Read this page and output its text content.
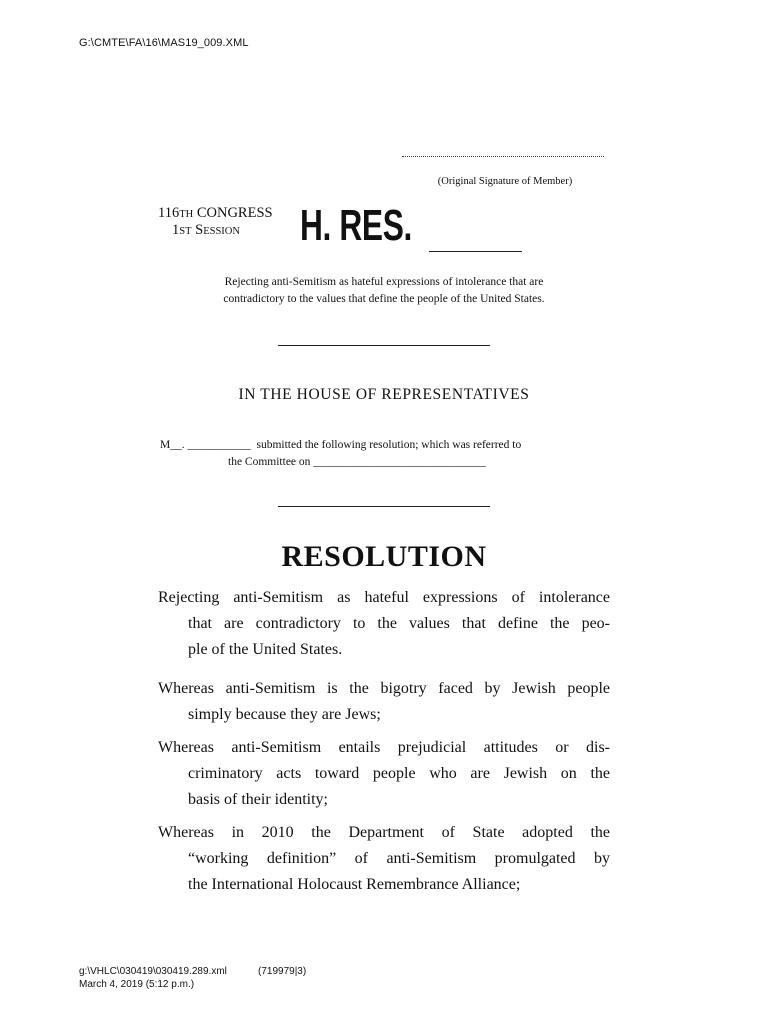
G:\CMTE\FA\16\MAS19_009.XML
(Original Signature of Member)
116TH CONGRESS
1ST SESSION H. RES.
Rejecting anti-Semitism as hateful expressions of intolerance that are
contradictory to the values that define the people of the United States.
IN THE HOUSE OF REPRESENTATIVES
M__. ___________  submitted the following resolution; which was referred to
the Committee on ______________________________
RESOLUTION
Rejecting anti-Semitism as hateful expressions of intolerance
that are contradictory to the values that define the peo-
ple of the United States.
Whereas anti-Semitism is the bigotry faced by Jewish people
simply because they are Jews;
Whereas anti-Semitism entails prejudicial attitudes or dis-
criminatory acts toward people who are Jewish on the
basis of their identity;
Whereas in 2010 the Department of State adopted the
“working definition” of anti-Semitism promulgated by
the International Holocaust Remembrance Alliance;
g:\VHLC\030419\030419.289.xml	(719979|3)
March 4, 2019 (5:12 p.m.)
